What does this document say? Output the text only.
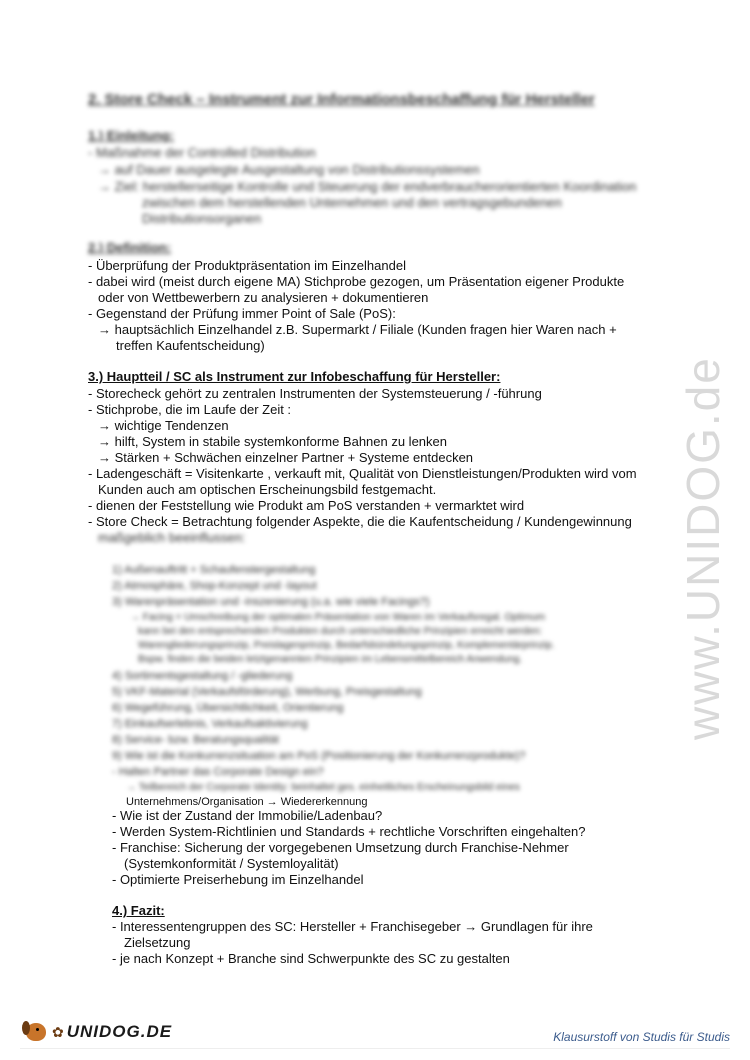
2. Store Check – Instrument zur Informationsbeschaffung für Hersteller
1.) Einleitung:
- Maßnahme der Controlled Distribution
→ auf Dauer ausgelegte Ausgestaltung von Distributionssystemen
→ Ziel: herstellerseitige Kontrolle und Steuerung der endverbraucherorientierten Koordination
zwischen dem herstellenden Unternehmen und den vertragsgebundenen
Distributionsorganen
2.) Definition:
- Überprüfung der Produktpräsentation im Einzelhandel
- dabei wird (meist durch eigene MA) Stichprobe gezogen, um Präsentation eigener Produkte
oder von Wettbewerbern zu analysieren + dokumentieren
- Gegenstand der Prüfung immer Point of Sale (PoS):
→ hauptsächlich Einzelhandel z.B. Supermarkt / Filiale (Kunden fragen hier Waren nach +
treffen Kaufentscheidung)
3.) Hauptteil / SC als Instrument zur Infobeschaffung für Hersteller:
- Storecheck gehört zu zentralen Instrumenten der Systemsteuerung / -führung
- Stichprobe, die im Laufe der Zeit :
→ wichtige Tendenzen
→ hilft, System in stabile systemkonforme Bahnen zu lenken
→ Stärken + Schwächen einzelner Partner + Systeme entdecken
- Ladengeschäft = Visitenkarte , verkauft mit, Qualität von Dienstleistungen/Produkten wird vom
Kunden auch am optischen Erscheinungsbild festgemacht.
- dienen der Feststellung wie Produkt am PoS verstanden + vermarktet wird
- Store Check = Betrachtung folgender Aspekte, die die Kaufentscheidung / Kundengewinnung
maßgeblich beeinflussen:
1) Außenauftritt + Schaufenstergestaltung
2) Atmosphäre, Shop-Konzept und -layout
3) Warenpräsentation und -inszenierung (u.a. wie viele Facings?)
→ Facing = Umschreibung der optimalen Präsentation von Waren im Verkaufsregal. Optimum
kann bei den entsprechenden Produkten durch unterschiedliche Prinzipien erreicht werden:
Warengliederungsprinzip, Preislagenprinzip, Bedarfsbündelungsprinzip, Komplementärprinzip.
Bspw. finden die beiden letztgenannten Prinzipien im Lebensmittelbereich Anwendung.
4) Sortimentsgestaltung / -gliederung
5) VKF-Material (Verkaufsförderung), Werbung, Preisgestaltung
6) Wegeführung, Übersichtlichkeit, Orientierung
7) Einkaufserlebnis, Verkaufsaktivierung
8) Service- bzw. Beratungsqualität
9) Wie ist die Konkurrenzsituation am PoS (Positionierung der Konkurrenzprodukte)?
- Halten Partner das Corporate Design ein?
→ Teilbereich der Corporate Identity: beinhaltet ges. einheitliches Erscheinungsbild eines
Unternehmens/Organisation → Wiedererkennung
- Wie ist der Zustand der Immobilie/Ladenbau?
- Werden System-Richtlinien und Standards + rechtliche Vorschriften eingehalten?
- Franchise: Sicherung der vorgegebenen Umsetzung durch Franchise-Nehmer
(Systemkonformität / Systemloyalität)
- Optimierte Preiserhebung im Einzelhandel
4.) Fazit:
- Interessentengruppen des SC: Hersteller + Franchisegeber → Grundlagen für ihre
Zielsetzung
- je nach Konzept + Branche sind Schwerpunkte des SC zu gestalten
www.UNIDOG.de
✿ UNIDOG.DE	Klausurstoff von Studis für Studis
